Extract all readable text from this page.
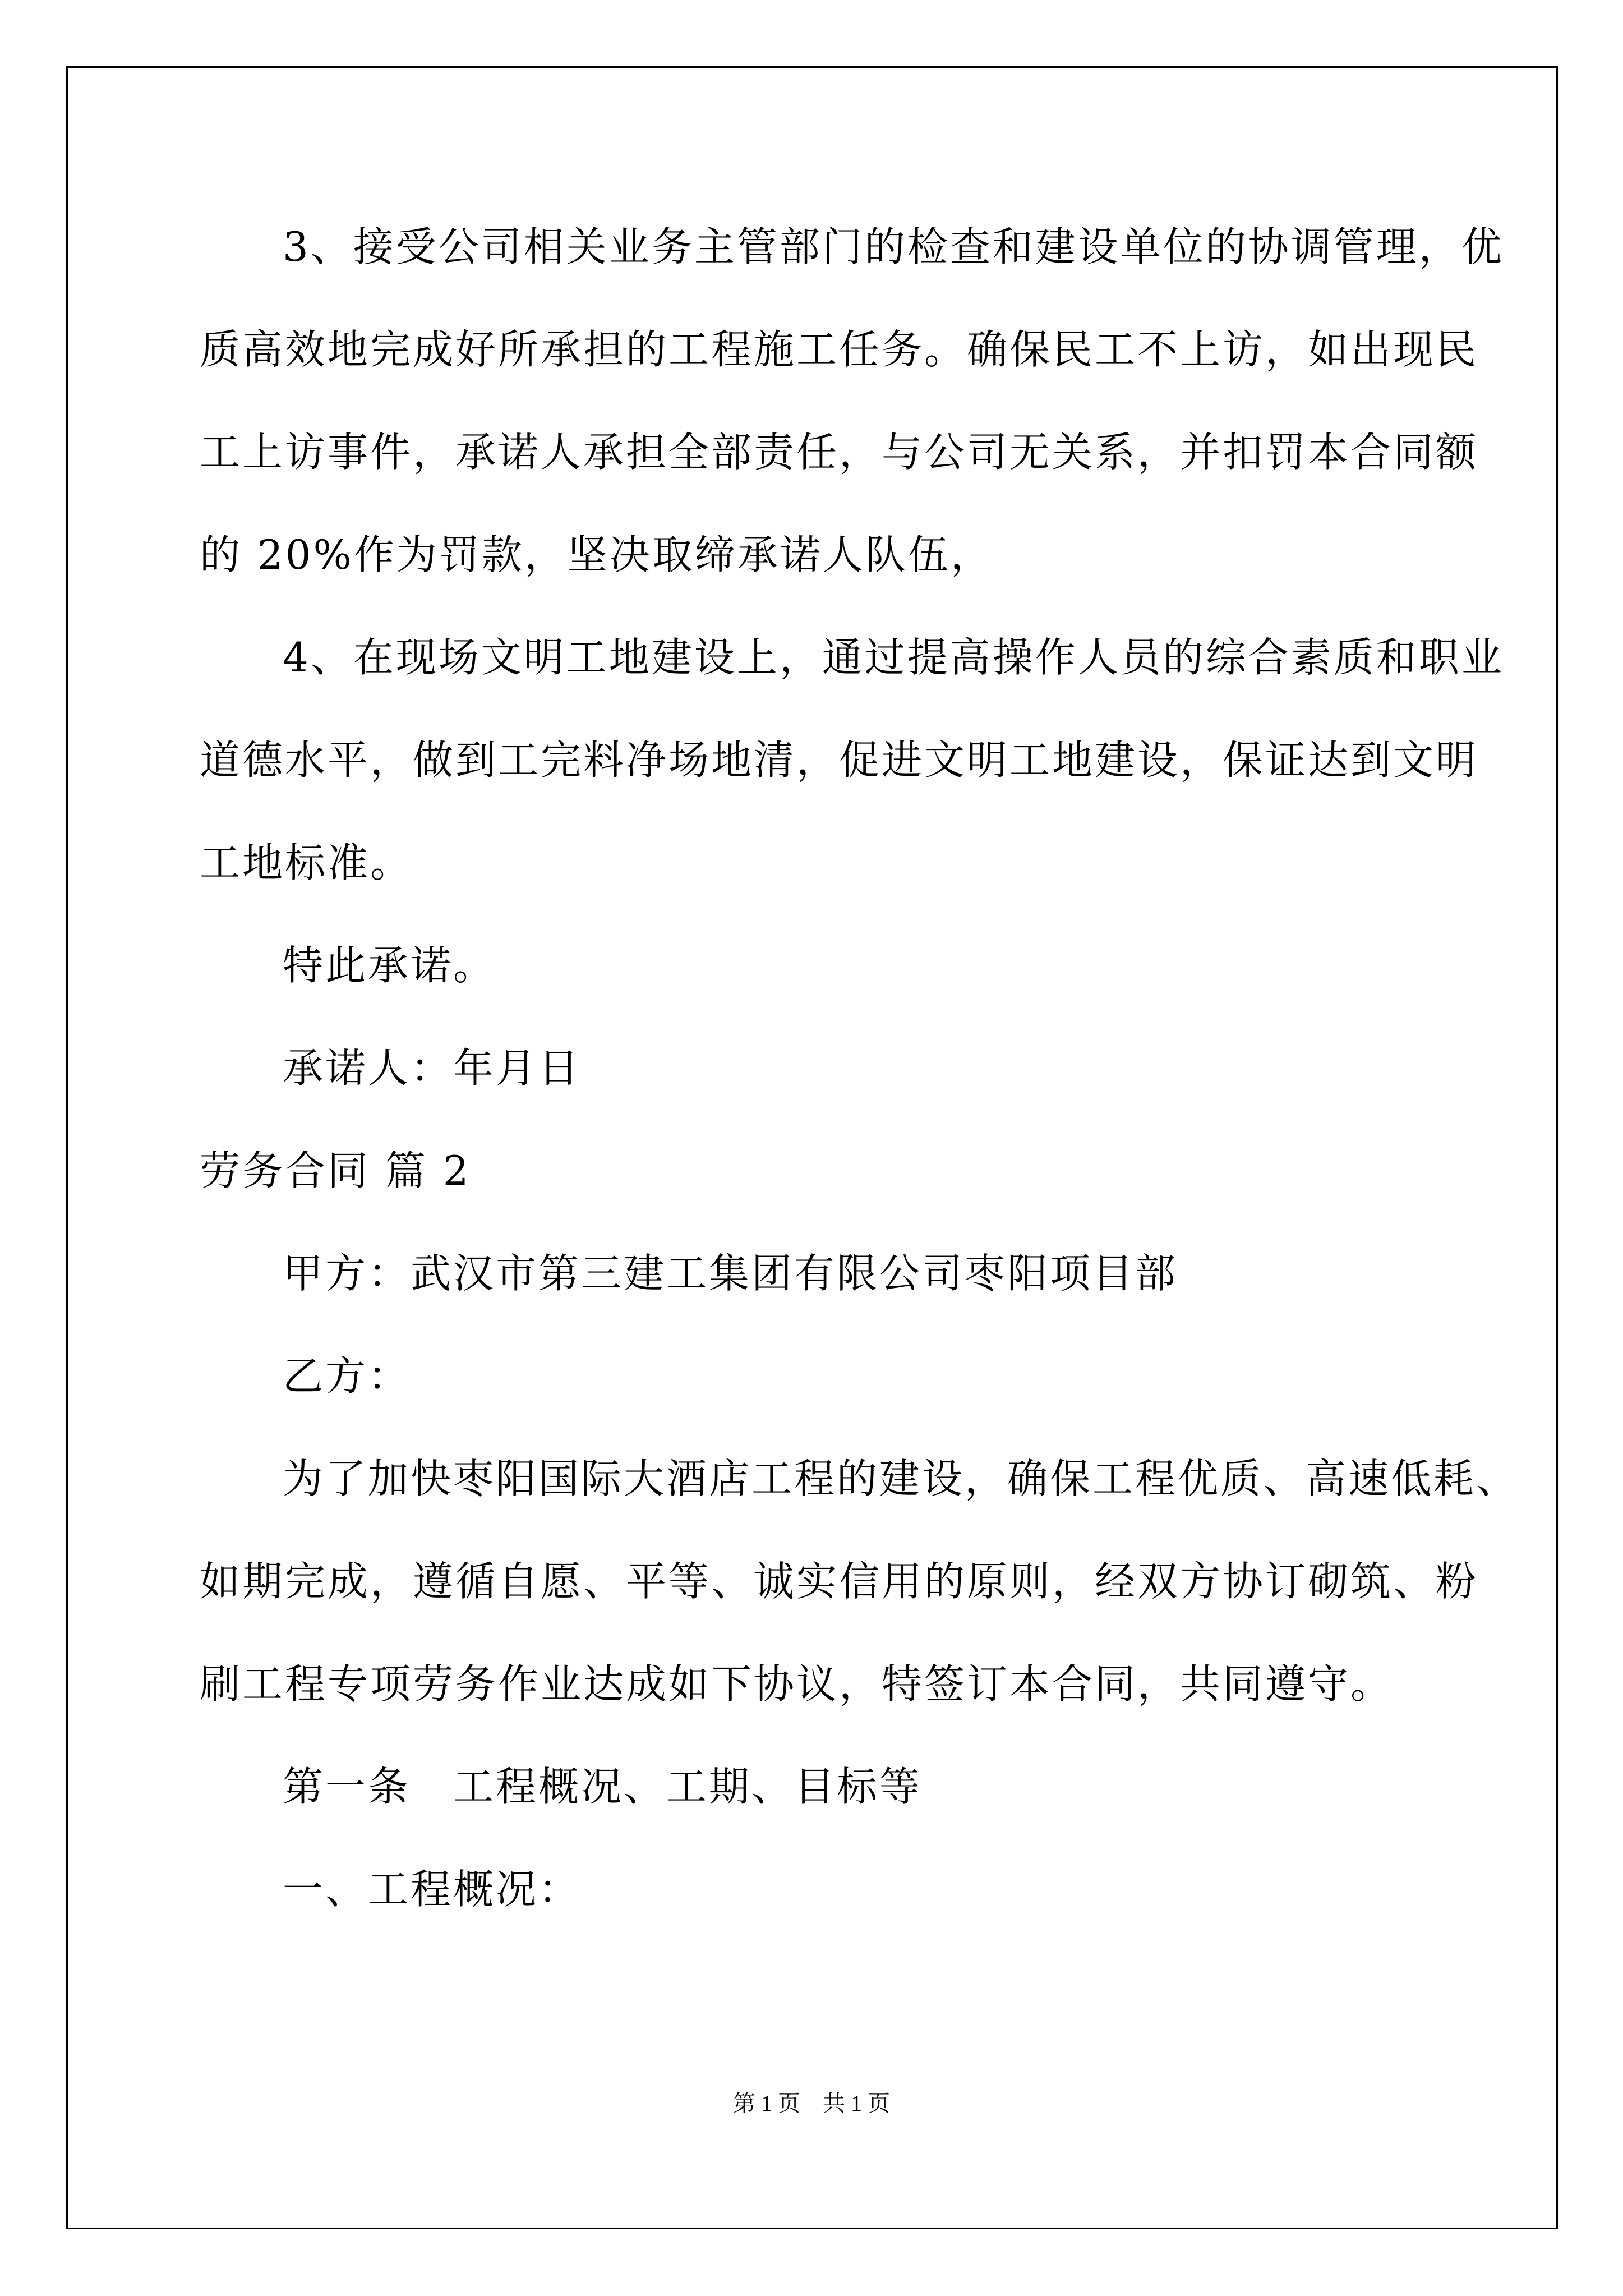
3、接受公司相关业务主管部门的检查和建设单位的协调管理，优
质高效地完成好所承担的工程施工任务。确保民工不上访，如出现民
工上访事件，承诺人承担全部责任，与公司无关系，并扣罚本合同额
的 20%作为罚款，坚决取缔承诺人队伍，
4、在现场文明工地建设上，通过提高操作人员的综合素质和职业
道德水平，做到工完料净场地清，促进文明工地建设，保证达到文明
工地标准。
特此承诺。
承诺人：年月日
劳务合同 篇 2
甲方：武汉市第三建工集团有限公司枣阳项目部
乙方：
为了加快枣阳国际大酒店工程的建设，确保工程优质、高速低耗、
如期完成，遵循自愿、平等、诚实信用的原则，经双方协订砌筑、粉
刷工程专项劳务作业达成如下协议，特签订本合同，共同遵守。
第一条　工程概况、工期、目标等
一、工程概况：
第 1 页　共 1 页
